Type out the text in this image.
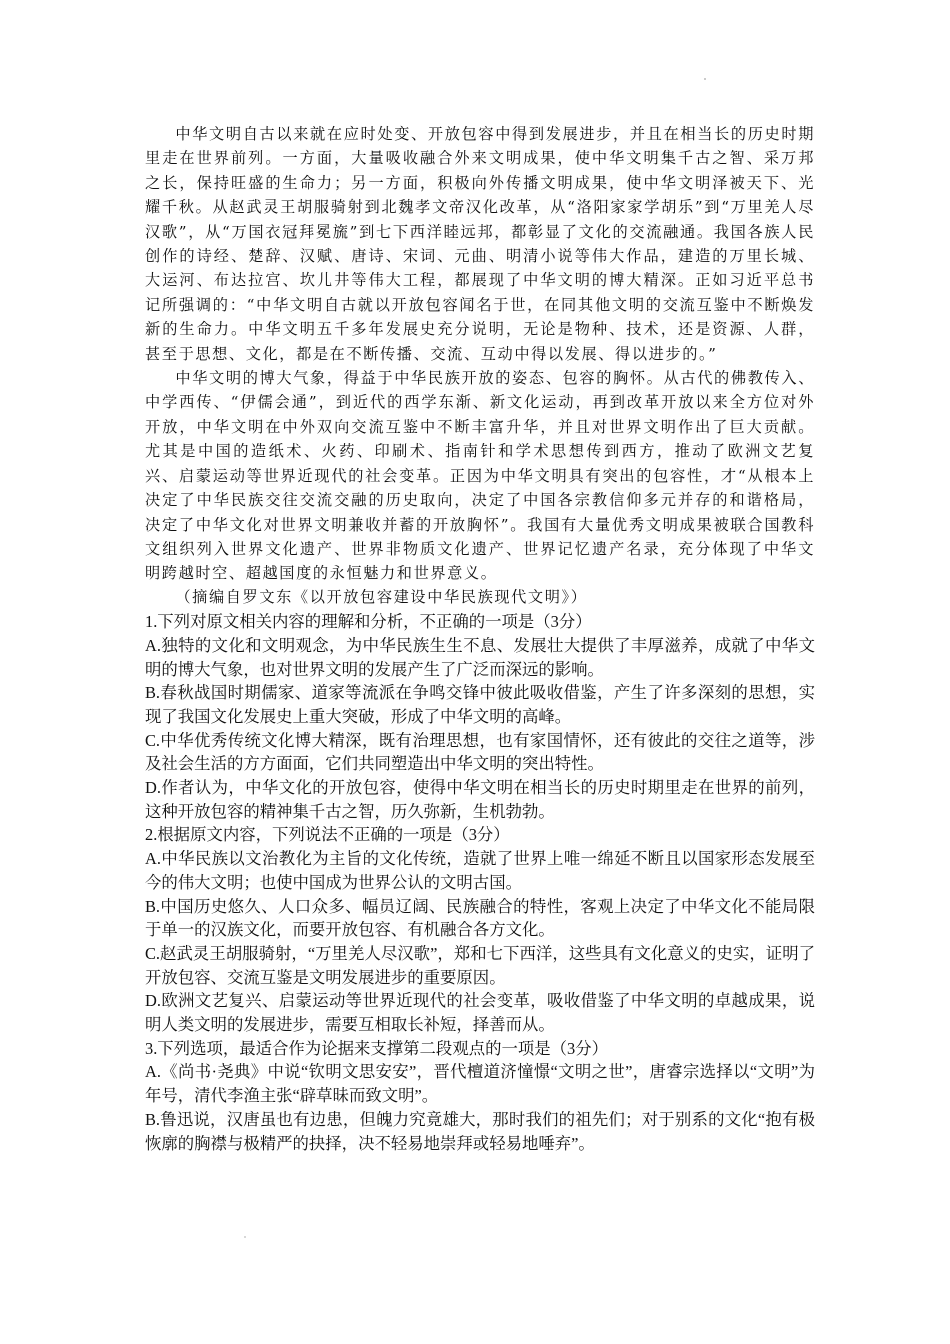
中华文明自古以来就在应时处变、开放包容中得到发展进步，并且在相当长的历史时期里走在世界前列。一方面，大量吸收融合外来文明成果，使中华文明集千古之智、采万邦之长，保持旺盛的生命力；另一方面，积极向外传播文明成果，使中华文明泽被天下、光耀千秋。从赵武灵王胡服骑射到北魏孝文帝汉化改革，从“洛阳家家学胡乐”到“万里羌人尽汉歌”，从“万国衣冠拜冕旒”到七下西洋睦远邦，都彰显了文化的交流融通。我国各族人民创作的诗经、楚辞、汉赋、唐诗、宋词、元曲、明清小说等伟大作品，建造的万里长城、大运河、布达拉宫、坎儿井等伟大工程，都展现了中华文明的博大精深。正如习近平总书记所强调的：“中华文明自古就以开放包容闻名于世，在同其他文明的交流互鉴中不断焕发新的生命力。中华文明五千多年发展史充分说明，无论是物种、技术，还是资源、人群，甚至于思想、文化，都是在不断传播、交流、互动中得以发展、得以进步的。”

中华文明的博大气象，得益于中华民族开放的姿态、包容的胸怀。从古代的佛教传入、中学西传、“伊儒会通”，到近代的西学东渐、新文化运动，再到改革开放以来全方位对外开放，中华文明在中外双向交流互鉴中不断丰富升华，并且对世界文明作出了巨大贡献。尤其是中国的造纸术、火药、印刷术、指南针和学术思想传到西方，推动了欧洲文艺复兴、启蒙运动等世界近现代的社会变革。正因为中华文明具有突出的包容性，才“从根本上决定了中华民族交往交流交融的历史取向，决定了中国各宗教信仰多元并存的和谐格局，决定了中华文化对世界文明兼收并蓄的开放胸怀”。我国有大量优秀文明成果被联合国教科文组织列入世界文化遗产、世界非物质文化遗产、世界记忆遗产名录，充分体现了中华文明跨越时空、超越国度的永恒魅力和世界意义。

（摘编自罗文东《以开放包容建设中华民族现代文明》）

1.下列对原文相关内容的理解和分析，不正确的一项是（3分）

A.独特的文化和文明观念，为中华民族生生不息、发展壮大提供了丰厚滋养，成就了中华文明的博大气象，也对世界文明的发展产生了广泛而深远的影响。

B.春秋战国时期儒家、道家等流派在争鸣交锋中彼此吸收借鉴，产生了许多深刻的思想，实现了我国文化发展史上重大突破，形成了中华文明的高峰。

C.中华优秀传统文化博大精深，既有治理思想，也有家国情怀，还有彼此的交往之道等，涉及社会生活的方方面面，它们共同塑造出中华文明的突出特性。

D.作者认为，中华文化的开放包容，使得中华文明在相当长的历史时期里走在世界的前列，这种开放包容的精神集千古之智，历久弥新，生机勃勃。

2.根据原文内容，下列说法不正确的一项是（3分）

A.中华民族以文治教化为主旨的文化传统，造就了世界上唯一绵延不断且以国家形态发展至今的伟大文明；也使中国成为世界公认的文明古国。

B.中国历史悠久、人口众多、幅员辽阔、民族融合的特性，客观上决定了中华文化不能局限于单一的汉族文化，而要开放包容、有机融合各方文化。

C.赵武灵王胡服骑射，“万里羌人尽汉歌”，郑和七下西洋，这些具有文化意义的史实，证明了开放包容、交流互鉴是文明发展进步的重要原因。

D.欧洲文艺复兴、启蒙运动等世界近现代的社会变革，吸收借鉴了中华文明的卓越成果，说明人类文明的发展进步，需要互相取长补短，择善而从。

3.下列选项，最适合作为论据来支撑第二段观点的一项是（3分）

A.《尚书·尧典》中说“钦明文思安安”，晋代檀道济憧憬“文明之世”，唐睿宗选择以“文明”为年号，清代李渔主张“辟草昧而致文明”。

B.鲁迅说，汉唐虽也有边患，但魄力究竟雄大，那时我们的祖先们；对于别系的文化“抱有极恢廓的胸襟与极精严的抉择，决不轻易地崇拜或轻易地唾弃”。
